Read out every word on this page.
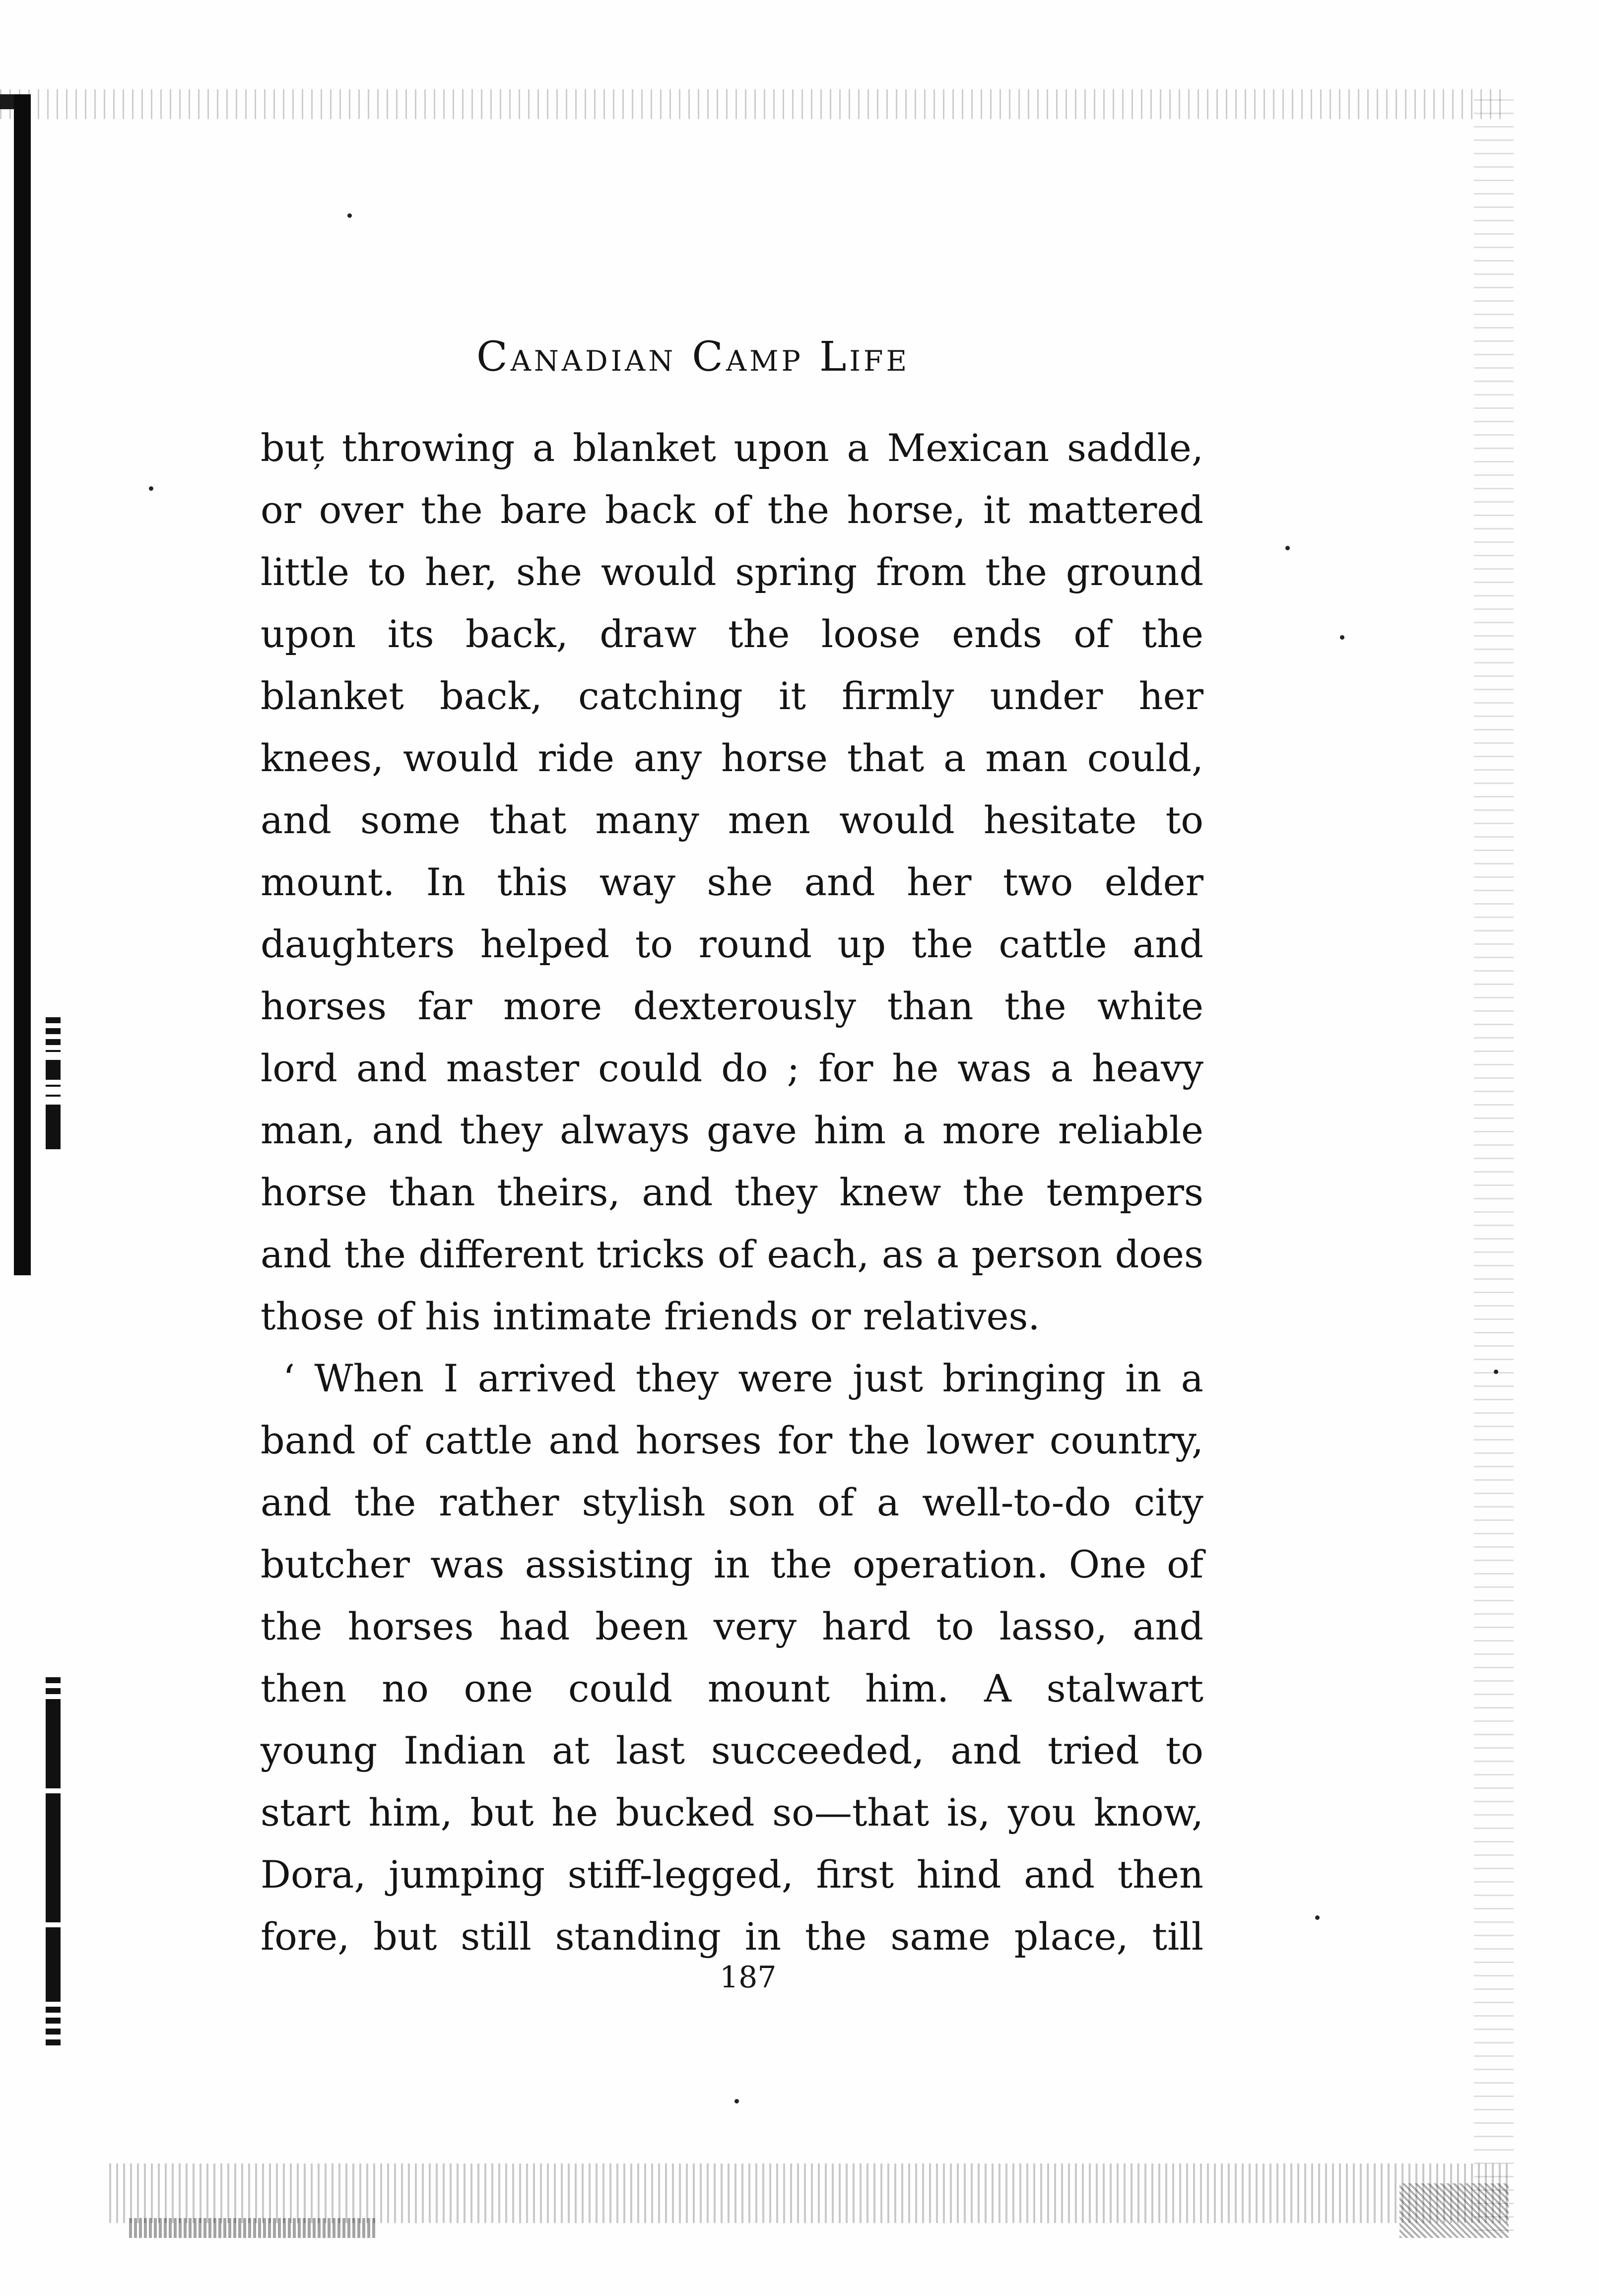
Canadian Camp Life
buț throwing a blanket upon a Mexican saddle,
or over the bare back of the horse, it mattered
little to her, she would spring from the ground
upon its back, draw the loose ends of the
blanket back, catching it firmly under her
knees, would ride any horse that a man could,
and some that many men would hesitate to
mount. In this way she and her two elder
daughters helped to round up the cattle and
horses far more dexterously than the white
lord and master could do ; for he was a heavy
man, and they always gave him a more reliable
horse than theirs, and they knew the tempers
and the different tricks of each, as a person does
those of his intimate friends or relatives.
‘ When I arrived they were just bringing in a
band of cattle and horses for the lower country,
and the rather stylish son of a well-to-do city
butcher was assisting in the operation. One of
the horses had been very hard to lasso, and
then no one could mount him. A stalwart
young Indian at last succeeded, and tried to
start him, but he bucked so—that is, you know,
Dora, jumping stiff-legged, first hind and then
fore, but still standing in the same place, till
187
